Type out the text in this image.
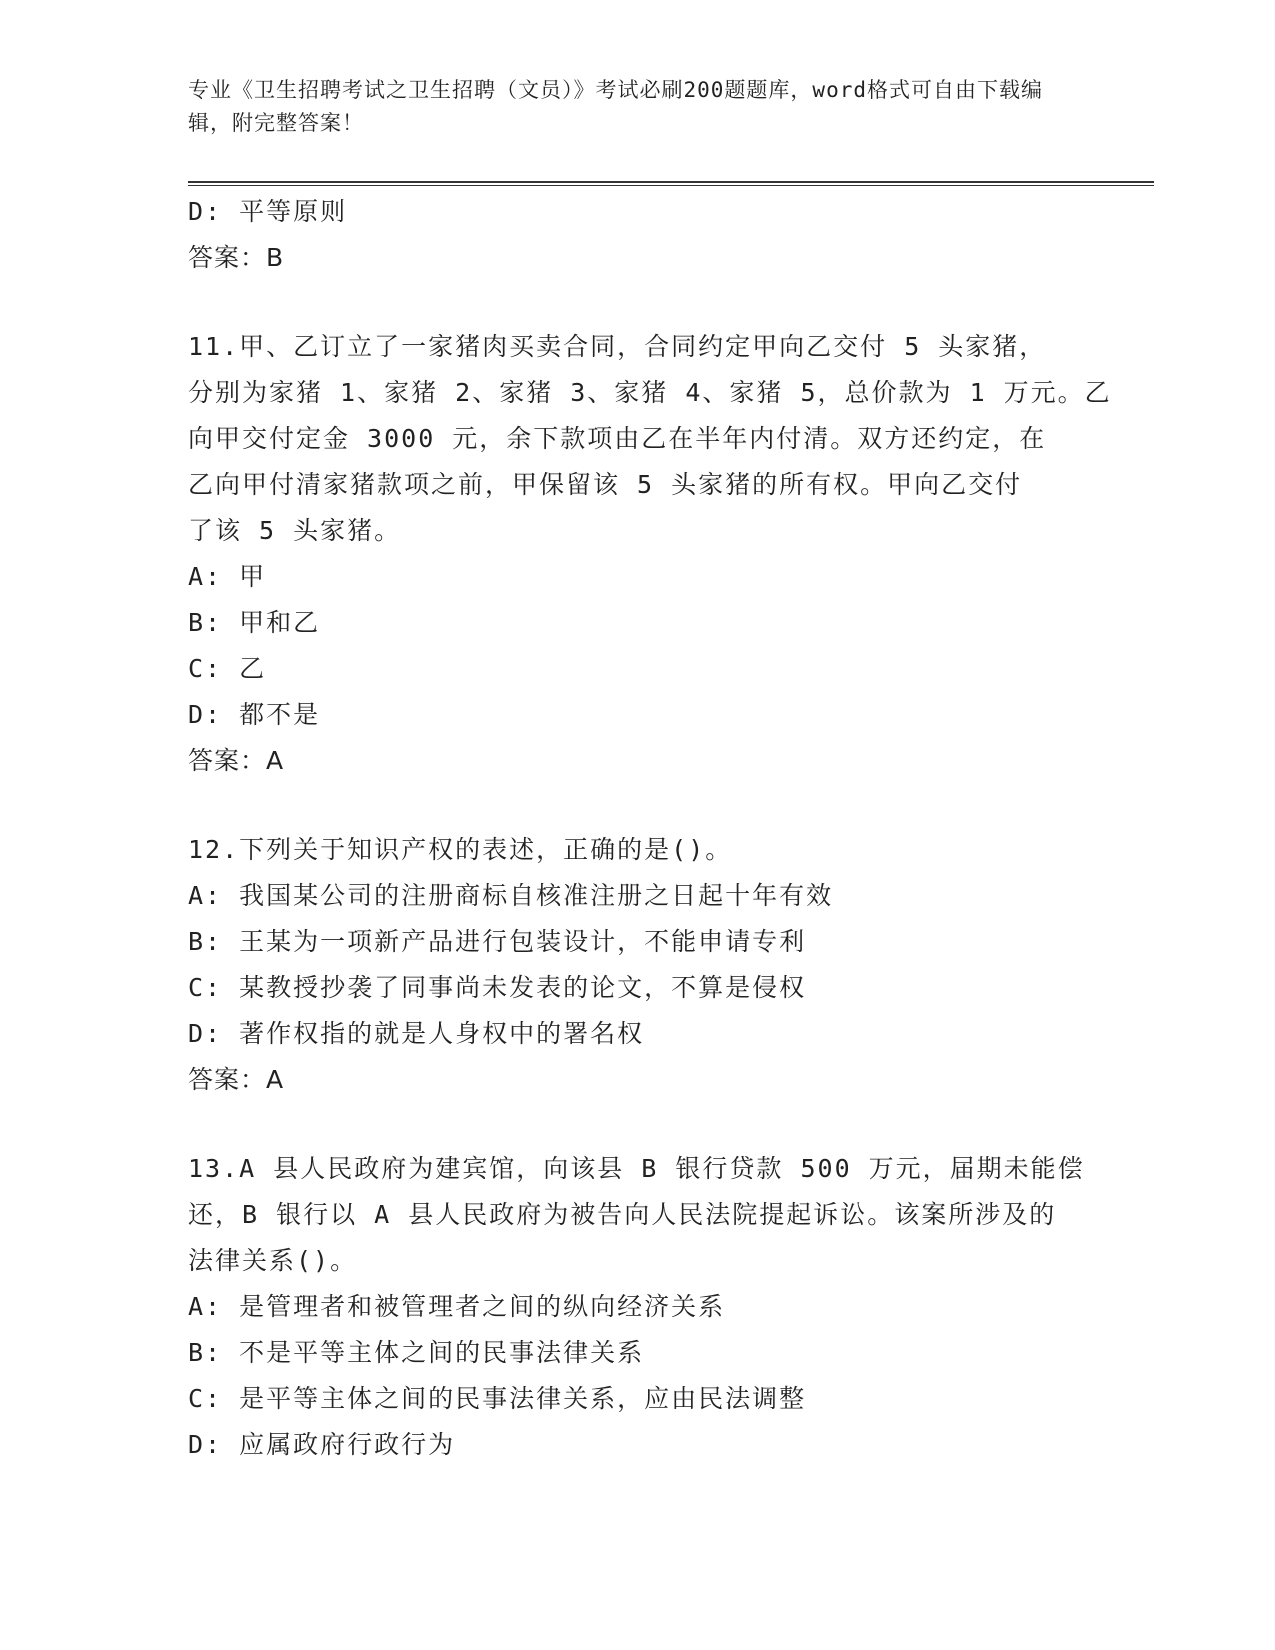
专业《卫生招聘考试之卫生招聘（文员）》考试必刷200题题库，word格式可自由下载编辑，附完整答案！
D: 平等原则
答案：B
11.甲、乙订立了一家猪肉买卖合同，合同约定甲向乙交付 5 头家猪，
分别为家猪 1、家猪 2、家猪 3、家猪 4、家猪 5，总价款为 1 万元。乙
向甲交付定金 3000 元，余下款项由乙在半年内付清。双方还约定，在
乙向甲付清家猪款项之前，甲保留该 5 头家猪的所有权。甲向乙交付
了该 5 头家猪。
A: 甲
B: 甲和乙
C: 乙
D: 都不是
答案：A
12.下列关于知识产权的表述，正确的是()。
A: 我国某公司的注册商标自核准注册之日起十年有效
B: 王某为一项新产品进行包装设计，不能申请专利
C: 某教授抄袭了同事尚未发表的论文，不算是侵权
D: 著作权指的就是人身权中的署名权
答案：A
13.A 县人民政府为建宾馆，向该县 B 银行贷款 500 万元，届期未能偿
还，B 银行以 A 县人民政府为被告向人民法院提起诉讼。该案所涉及的
法律关系()。
A: 是管理者和被管理者之间的纵向经济关系
B: 不是平等主体之间的民事法律关系
C: 是平等主体之间的民事法律关系，应由民法调整
D: 应属政府行政行为
